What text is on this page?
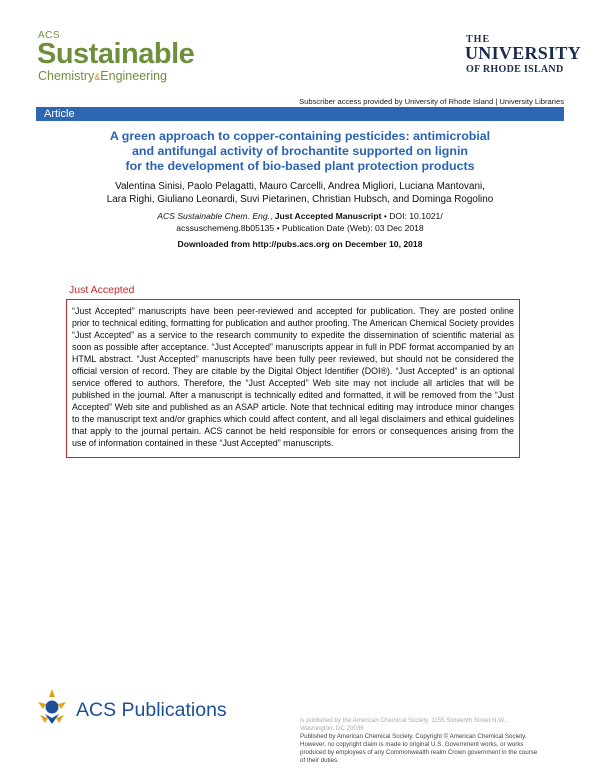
ACS
Sustainable
Chemistry&Engineering
THE
UNIVERSITY
OF RHODE ISLAND
Subscriber access provided by University of Rhode Island | University Libraries
Article
A green approach to copper-containing pesticides: antimicrobial
and antifungal activity of brochantite supported on lignin
for the development of bio-based plant protection products
Valentina Sinisi, Paolo Pelagatti, Mauro Carcelli, Andrea Migliori, Luciana Mantovani,
Lara Righi, Giuliano Leonardi, Suvi Pietarinen, Christian Hubsch, and Dominga Rogolino
ACS Sustainable Chem. Eng., Just Accepted Manuscript • DOI: 10.1021/
acssuschemeng.8b05135 • Publication Date (Web): 03 Dec 2018
Downloaded from http://pubs.acs.org on December 10, 2018
Just Accepted
“Just Accepted” manuscripts have been peer-reviewed and accepted for publication. They are posted online prior to technical editing, formatting for publication and author proofing. The American Chemical Society provides “Just Accepted” as a service to the research community to expedite the dissemination of scientific material as soon as possible after acceptance. “Just Accepted” manuscripts appear in full in PDF format accompanied by an HTML abstract. “Just Accepted” manuscripts have been fully peer reviewed, but should not be considered the official version of record. They are citable by the Digital Object Identifier (DOI®). “Just Accepted” is an optional service offered to authors. Therefore, the “Just Accepted” Web site may not include all articles that will be published in the journal. After a manuscript is technically edited and formatted, it will be removed from the “Just Accepted” Web site and published as an ASAP article. Note that technical editing may introduce minor changes to the manuscript text and/or graphics which could affect content, and all legal disclaimers and ethical guidelines that apply to the journal pertain. ACS cannot be held responsible for errors or consequences arising from the use of information contained in these “Just Accepted” manuscripts.
ACS Publications	is published by the American Chemical Society. 1155 Sixteenth Street N.W.,
Washington, DC 20036
Published by American Chemical Society. Copyright © American Chemical Society.
However, no copyright claim is made to original U.S. Government works, or works
produced by employees of any Commonwealth realm Crown government in the course
of their duties.
